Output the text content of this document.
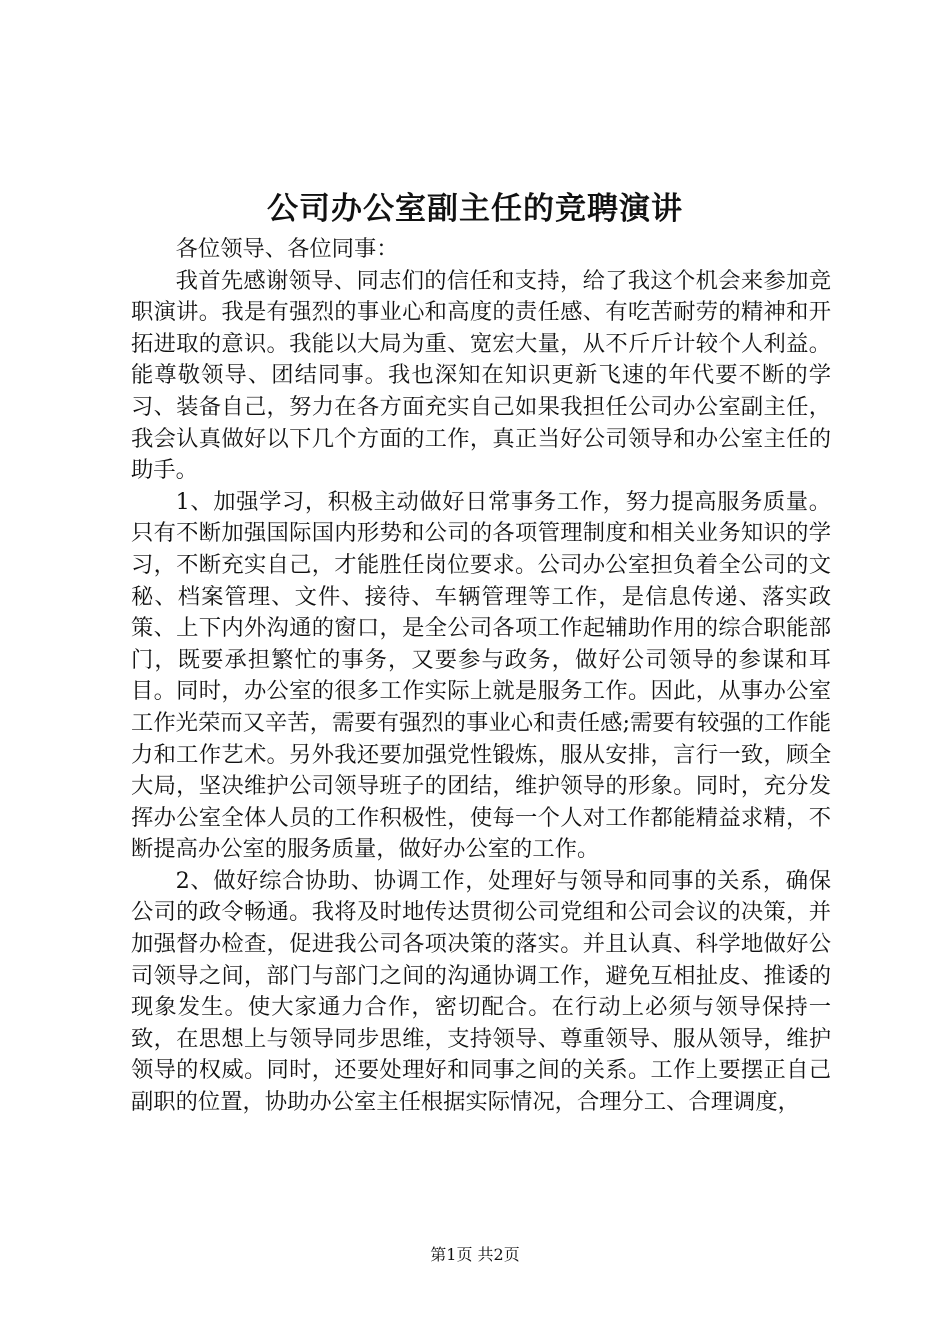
公司办公室副主任的竞聘演讲

各位领导、各位同事：

我首先感谢领导、同志们的信任和支持，给了我这个机会来参加竞职演讲。我是有强烈的事业心和高度的责任感、有吃苦耐劳的精神和开拓进取的意识。我能以大局为重、宽宏大量，从不斤斤计较个人利益。能尊敬领导、团结同事。我也深知在知识更新飞速的年代要不断的学习、装备自己，努力在各方面充实自己如果我担任公司办公室副主任，我会认真做好以下几个方面的工作，真正当好公司领导和办公室主任的助手。

1、加强学习，积极主动做好日常事务工作，努力提高服务质量。只有不断加强国际国内形势和公司的各项管理制度和相关业务知识的学习，不断充实自己，才能胜任岗位要求。公司办公室担负着全公司的文秘、档案管理、文件、接待、车辆管理等工作，是信息传递、落实政策、上下内外沟通的窗口，是全公司各项工作起辅助作用的综合职能部门，既要承担繁忙的事务，又要参与政务，做好公司领导的参谋和耳目。同时，办公室的很多工作实际上就是服务工作。因此，从事办公室工作光荣而又辛苦，需要有强烈的事业心和责任感;需要有较强的工作能力和工作艺术。另外我还要加强党性锻炼，服从安排，言行一致，顾全大局，坚决维护公司领导班子的团结，维护领导的形象。同时，充分发挥办公室全体人员的工作积极性，使每一个人对工作都能精益求精，不断提高办公室的服务质量，做好办公室的工作。

2、做好综合协助、协调工作，处理好与领导和同事的关系，确保公司的政令畅通。我将及时地传达贯彻公司党组和公司会议的决策，并加强督办检查，促进我公司各项决策的落实。并且认真、科学地做好公司领导之间，部门与部门之间的沟通协调工作，避免互相扯皮、推诿的现象发生。使大家通力合作，密切配合。在行动上必须与领导保持一致，在思想上与领导同步思维，支持领导、尊重领导、服从领导，维护领导的权威。同时，还要处理好和同事之间的关系。工作上要摆正自己副职的位置，协助办公室主任根据实际情况，合理分工、合理调度，

第1页 共2页
